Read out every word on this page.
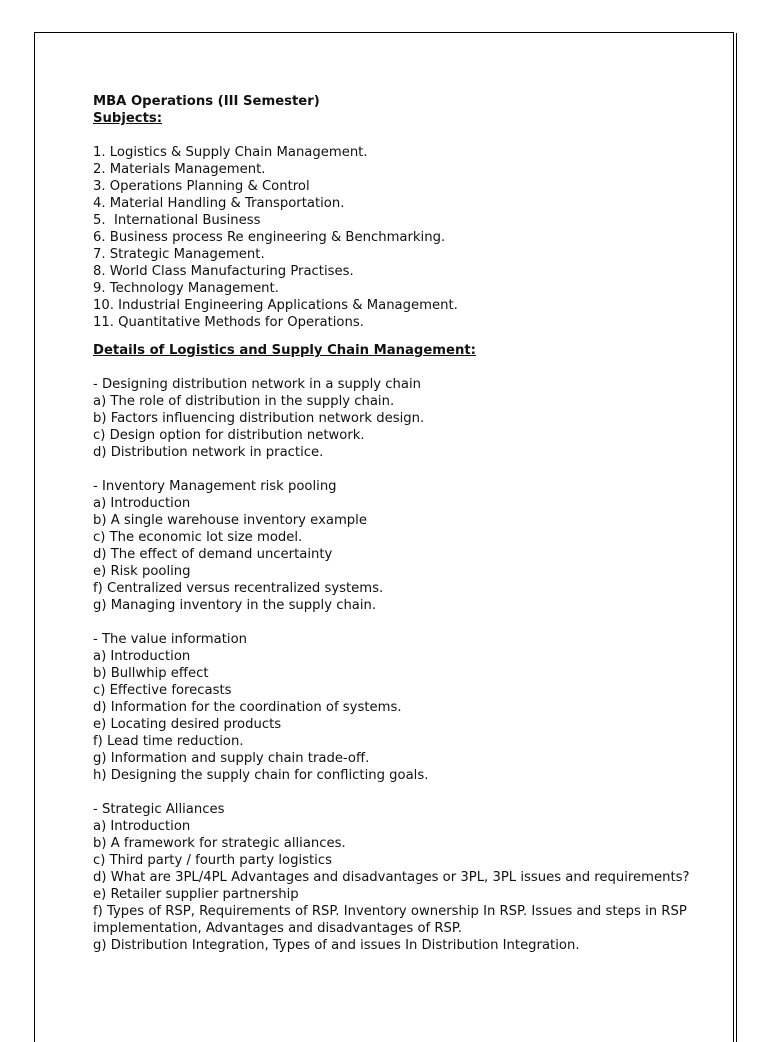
MBA Operations (III Semester)
Subjects:
1. Logistics & Supply Chain Management.
2. Materials Management.
3. Operations Planning & Control
4. Material Handling & Transportation.
5.  International Business
6. Business process Re engineering & Benchmarking.
7. Strategic Management.
8. World Class Manufacturing Practises.
9. Technology Management.
10. Industrial Engineering Applications & Management.
11. Quantitative Methods for Operations.
Details of Logistics and Supply Chain Management:
- Designing distribution network in a supply chain
a) The role of distribution in the supply chain.
b) Factors influencing distribution network design.
c) Design option for distribution network.
d) Distribution network in practice.
- Inventory Management risk pooling
a) Introduction
b) A single warehouse inventory example
c) The economic lot size model.
d) The effect of demand uncertainty
e) Risk pooling
f) Centralized versus recentralized systems.
g) Managing inventory in the supply chain.
- The value information
a) Introduction
b) Bullwhip effect
c) Effective forecasts
d) Information for the coordination of systems.
e) Locating desired products
f) Lead time reduction.
g) Information and supply chain trade-off.
h) Designing the supply chain for conflicting goals.
- Strategic Alliances
a) Introduction
b) A framework for strategic alliances.
c) Third party / fourth party logistics
d) What are 3PL/4PL Advantages and disadvantages or 3PL, 3PL issues and requirements?
e) Retailer supplier partnership
f) Types of RSP, Requirements of RSP. Inventory ownership In RSP. Issues and steps in RSP implementation, Advantages and disadvantages of RSP.
g) Distribution Integration, Types of and issues In Distribution Integration.
